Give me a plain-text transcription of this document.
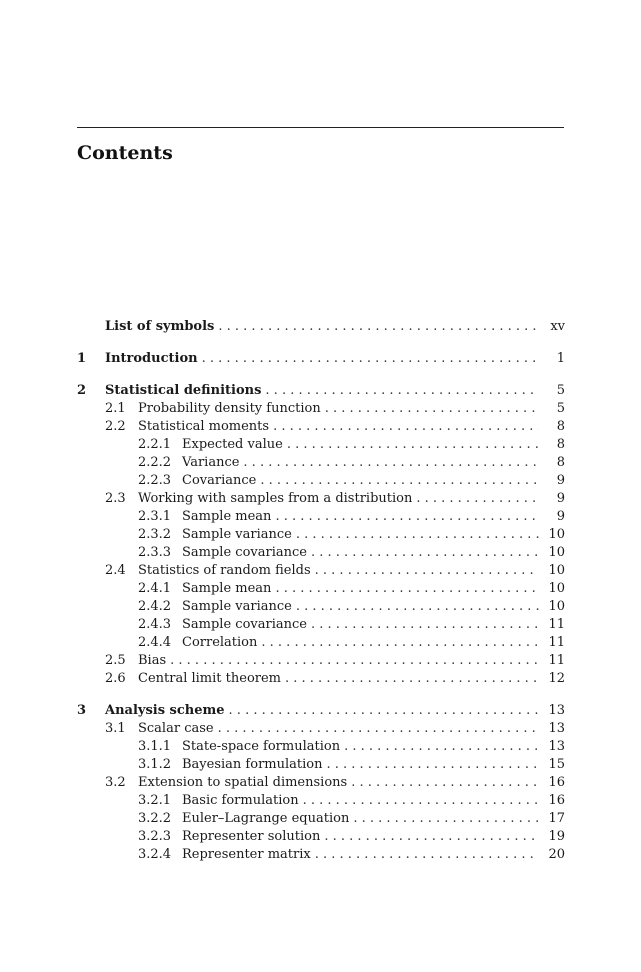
Contents
List of symbols . . .	xv
1	Introduction . . .	1
2	Statistical definitions . . .	5
2.1 Probability density function . . .	5
2.2 Statistical moments . . .	8
2.2.1 Expected value . . .	8
2.2.2 Variance . . .	8
2.2.3 Covariance . . .	9
2.3 Working with samples from a distribution . . .	9
2.3.1 Sample mean . . .	9
2.3.2 Sample variance . . .	10
2.3.3 Sample covariance . . .	10
2.4 Statistics of random fields . . .	10
2.4.1 Sample mean . . .	10
2.4.2 Sample variance . . .	10
2.4.3 Sample covariance . . .	11
2.4.4 Correlation . . .	11
2.5 Bias . . .	11
2.6 Central limit theorem . . .	12
3	Analysis scheme . . .	13
3.1 Scalar case . . .	13
3.1.1 State-space formulation . . .	13
3.1.2 Bayesian formulation . . .	15
3.2 Extension to spatial dimensions . . .	16
3.2.1 Basic formulation . . .	16
3.2.2 Euler–Lagrange equation . . .	17
3.2.3 Representer solution . . .	19
3.2.4 Representer matrix . . .	20
